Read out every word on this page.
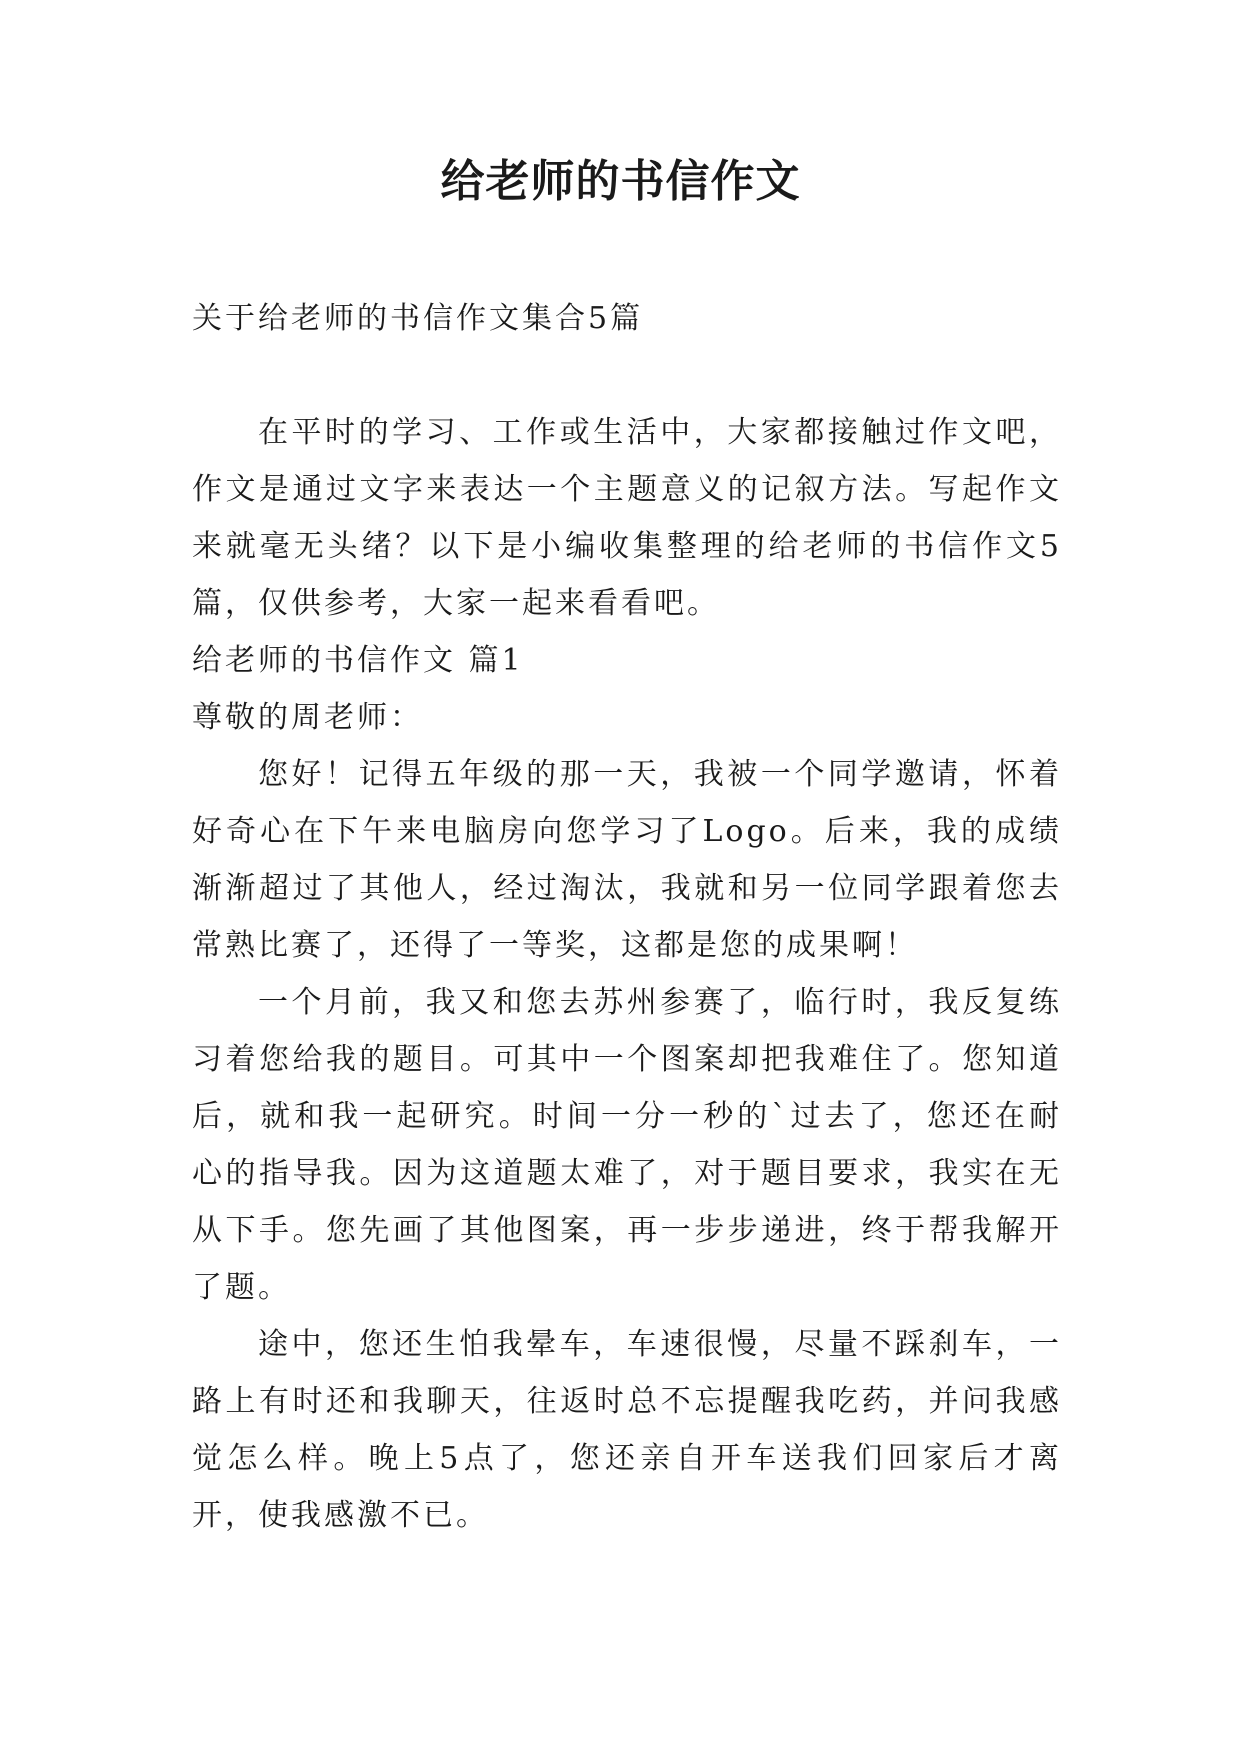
给老师的书信作文

关于给老师的书信作文集合5篇

在平时的学习、工作或生活中，大家都接触过作文吧，作文是通过文字来表达一个主题意义的记叙方法。写起作文来就毫无头绪？以下是小编收集整理的给老师的书信作文5篇，仅供参考，大家一起来看看吧。

给老师的书信作文 篇1

尊敬的周老师：

您好！记得五年级的那一天，我被一个同学邀请，怀着好奇心在下午来电脑房向您学习了Logo。后来，我的成绩渐渐超过了其他人，经过淘汰，我就和另一位同学跟着您去常熟比赛了，还得了一等奖，这都是您的成果啊！

一个月前，我又和您去苏州参赛了，临行时，我反复练习着您给我的题目。可其中一个图案却把我难住了。您知道后，就和我一起研究。时间一分一秒的`过去了，您还在耐心的指导我。因为这道题太难了，对于题目要求，我实在无从下手。您先画了其他图案，再一步步递进，终于帮我解开了题。

途中，您还生怕我晕车，车速很慢，尽量不踩刹车，一路上有时还和我聊天，往返时总不忘提醒我吃药，并问我感觉怎么样。晚上5点了，您还亲自开车送我们回家后才离开，使我感激不已。
